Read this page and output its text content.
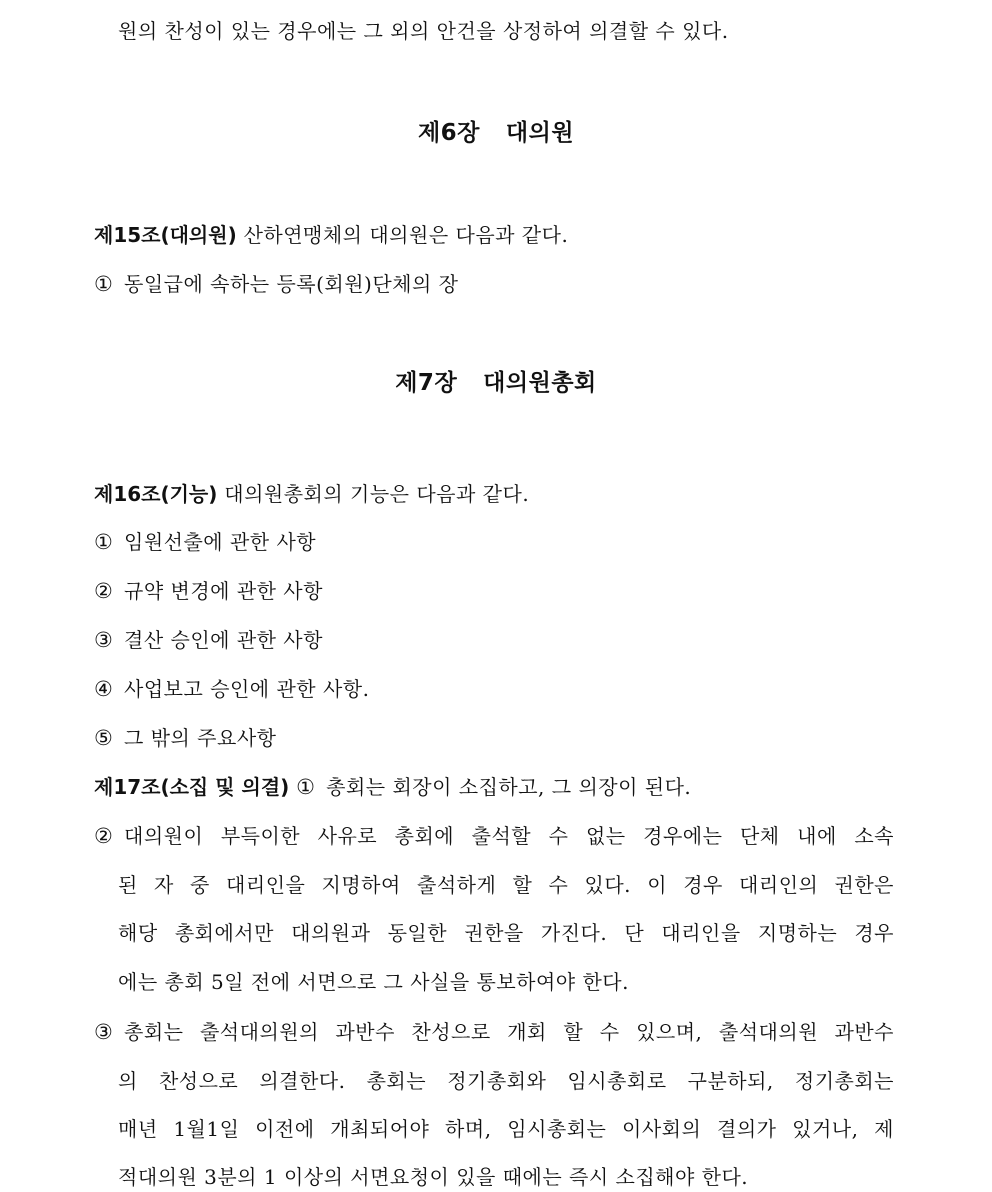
원의 찬성이 있는 경우에는 그 외의 안건을 상정하여 의결할 수 있다.
제6장 대의원
제15조(대의원) 산하연맹체의 대의원은 다음과 같다.
① 동일급에 속하는 등록(회원)단체의 장
제7장 대의원총회
제16조(기능) 대의원총회의 기능은 다음과 같다.
① 임원선출에 관한 사항
② 규약 변경에 관한 사항
③ 결산 승인에 관한 사항
④ 사업보고 승인에 관한 사항.
⑤ 그 밖의 주요사항
제17조(소집 및 의결) ① 총회는 회장이 소집하고, 그 의장이 된다.
② 대의원이 부득이한 사유로 총회에 출석할 수 없는 경우에는 단체 내에 소속
된 자 중 대리인을 지명하여 출석하게 할 수 있다. 이 경우 대리인의 권한은
해당 총회에서만 대의원과 동일한 권한을 가진다. 단 대리인을 지명하는 경우
에는 총회 5일 전에 서면으로 그 사실을 통보하여야 한다.
③ 총회는 출석대의원의 과반수 찬성으로 개회 할 수 있으며, 출석대의원 과반수
의 찬성으로 의결한다. 총회는 정기총회와 임시총회로 구분하되, 정기총회는
매년 1월1일 이전에 개최되어야 하며, 임시총회는 이사회의 결의가 있거나, 제
적대의원 3분의 1 이상의 서면요청이 있을 때에는 즉시 소집해야 한다.
